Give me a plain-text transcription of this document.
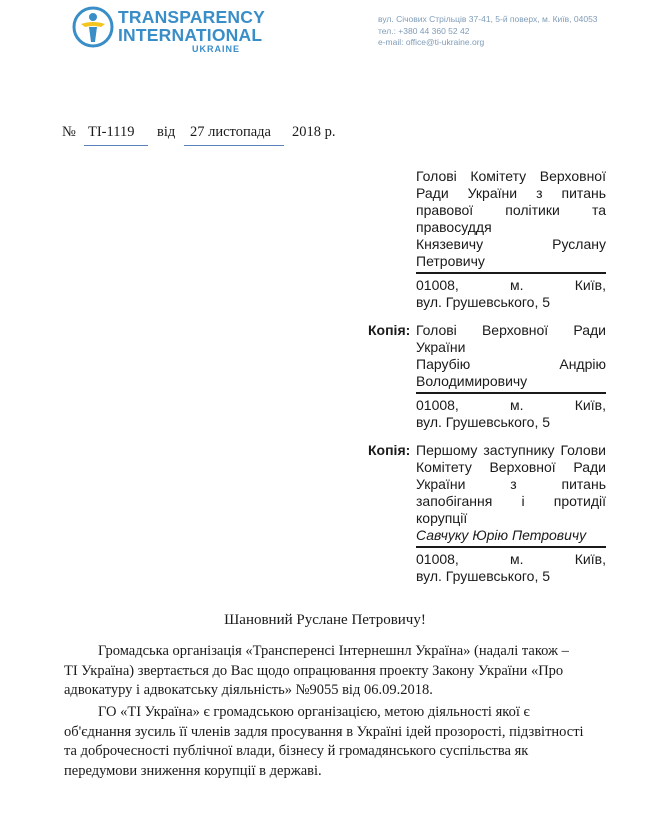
TRANSPARENCY
INTERNATIONAL
UKRAINE
вул. Січових Стрільців 37-41, 5-й поверх, м. Київ, 04053
тел.: +380 44 360 52 42
e-mail: office@ti-ukraine.org
№ ТІ-1119 від 27 листопада 2018 р.
Голові Комітету Верховної
Ради України з питань
правової політики та
правосуддя
Князевичу	Руслану
Петровичу
01008,	м.	Київ,
вул. Грушевського, 5
Копія: Голові Верховної Ради
України
Парубію	Андрію
Володимировичу
01008,	м.	Київ,
вул. Грушевського, 5
Копія: Першому заступнику Голови
Комітету Верховної Ради
України	з	питань
запобігання і протидії
корупції
Савчуку Юрію Петровичу
01008,	м.	Київ,
вул. Грушевського, 5
Шановний Руслане Петровичу!
Громадська організація «Трансперенсі Інтернешнл Україна» (надалі також –
ТІ Україна) звертається до Вас щодо опрацювання проекту Закону України «Про
адвокатуру і адвокатську діяльність» №9055 від 06.09.2018.
ГО «ТІ Україна» є громадською організацією, метою діяльності якої є
об'єднання зусиль її членів задля просування в Україні ідей прозорості, підзвітності
та доброчесності публічної влади, бізнесу й громадянського суспільства як
передумови зниження корупції в державі.
